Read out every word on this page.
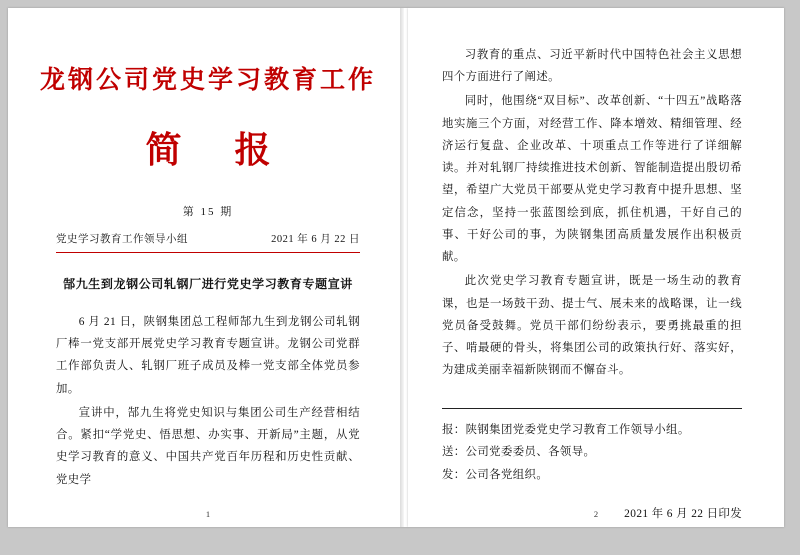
龙钢公司党史学习教育工作
简 报
第 15 期
党史学习教育工作领导小组	2021 年 6 月 22 日
郜九生到龙钢公司轧钢厂进行党史学习教育专题宣讲

6 月 21 日，陕钢集团总工程师郜九生到龙钢公司轧钢厂棒一党支部开展党史学习教育专题宣讲。龙钢公司党群工作部负责人、轧钢厂班子成员及棒一党支部全体党员参加。

宣讲中，郜九生将党史知识与集团公司生产经营相结合。紧扣“学党史、悟思想、办实事、开新局”主题，从党史学习教育的意义、中国共产党百年历程和历史性贡献、党史学

1

习教育的重点、习近平新时代中国特色社会主义思想四个方面进行了阐述。

同时，他围绕“双目标”、改革创新、“十四五”战略落地实施三个方面，对经营工作、降本增效、精细管理、经济运行复盘、企业改革、十项重点工作等进行了详细解读。并对轧钢厂持续推进技术创新、智能制造提出殷切希望，希望广大党员干部要从党史学习教育中提升思想、坚定信念，坚持一张蓝图绘到底，抓住机遇，干好自己的事、干好公司的事，为陕钢集团高质量发展作出积极贡献。

此次党史学习教育专题宣讲，既是一场生动的教育课，也是一场鼓干劲、提士气、展未来的战略课，让一线党员备受鼓舞。党员干部们纷纷表示，要勇挑最重的担子、啃最硬的骨头，将集团公司的政策执行好、落实好，为建成美丽幸福新陕钢而不懈奋斗。

报：陕钢集团党委党史学习教育工作领导小组。

送：公司党委委员、各领导。

发：公司各党组织。

2021 年 6 月 22 日印发
2
